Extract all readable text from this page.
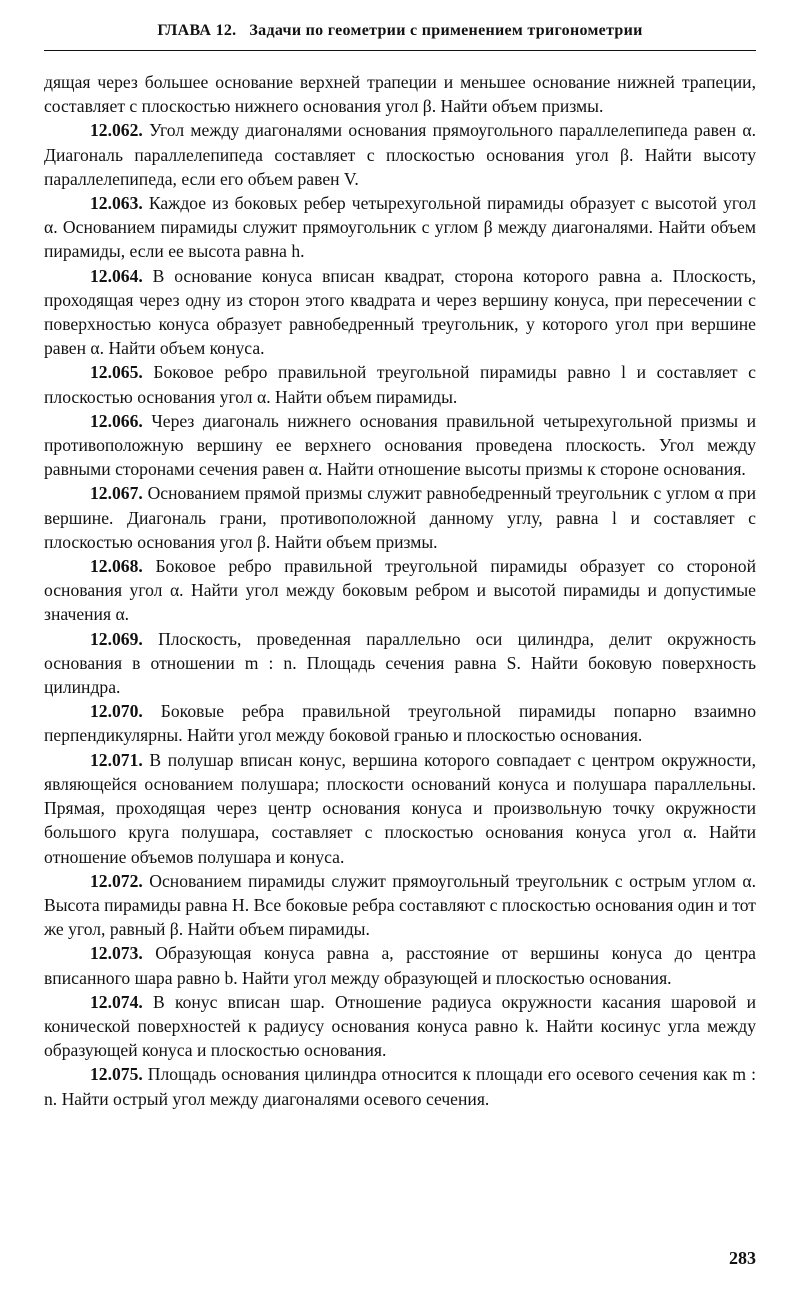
ГЛАВА 12. Задачи по геометрии с применением тригонометрии

дящая через большее основание верхней трапеции и меньшее основание нижней трапеции, составляет с плоскостью нижнего основания угол β. Найти объем призмы.

12.062. Угол между диагоналями основания прямоугольного параллелепипеда равен α. Диагональ параллелепипеда составляет с плоскостью основания угол β. Найти высоту параллелепипеда, если его объем равен V.

12.063. Каждое из боковых ребер четырехугольной пирамиды образует с высотой угол α. Основанием пирамиды служит прямоугольник с углом β между диагоналями. Найти объем пирамиды, если ее высота равна h.

12.064. В основание конуса вписан квадрат, сторона которого равна a. Плоскость, проходящая через одну из сторон этого квадрата и через вершину конуса, при пересечении с поверхностью конуса образует равнобедренный треугольник, у которого угол при вершине равен α. Найти объем конуса.

12.065. Боковое ребро правильной треугольной пирамиды равно l и составляет с плоскостью основания угол α. Найти объем пирамиды.

12.066. Через диагональ нижнего основания правильной четырехугольной призмы и противоположную вершину ее верхнего основания проведена плоскость. Угол между равными сторонами сечения равен α. Найти отношение высоты призмы к стороне основания.

12.067. Основанием прямой призмы служит равнобедренный треугольник с углом α при вершине. Диагональ грани, противоположной данному углу, равна l и составляет с плоскостью основания угол β. Найти объем призмы.

12.068. Боковое ребро правильной треугольной пирамиды образует со стороной основания угол α. Найти угол между боковым ребром и высотой пирамиды и допустимые значения α.

12.069. Плоскость, проведенная параллельно оси цилиндра, делит окружность основания в отношении m : n. Площадь сечения равна S. Найти боковую поверхность цилиндра.

12.070. Боковые ребра правильной треугольной пирамиды попарно взаимно перпендикулярны. Найти угол между боковой гранью и плоскостью основания.

12.071. В полушар вписан конус, вершина которого совпадает с центром окружности, являющейся основанием полушара; плоскости оснований конуса и полушара параллельны. Прямая, проходящая через центр основания конуса и произвольную точку окружности большого круга полушара, составляет с плоскостью основания конуса угол α. Найти отношение объемов полушара и конуса.

12.072. Основанием пирамиды служит прямоугольный треугольник с острым углом α. Высота пирамиды равна H. Все боковые ребра составляют с плоскостью основания один и тот же угол, равный β. Найти объем пирамиды.

12.073. Образующая конуса равна a, расстояние от вершины конуса до центра вписанного шара равно b. Найти угол между образующей и плоскостью основания.

12.074. В конус вписан шар. Отношение радиуса окружности касания шаровой и конической поверхностей к радиусу основания конуса равно k. Найти косинус угла между образующей конуса и плоскостью основания.

12.075. Площадь основания цилиндра относится к площади его осевого сечения как m : n. Найти острый угол между диагоналями осевого сечения.

283
